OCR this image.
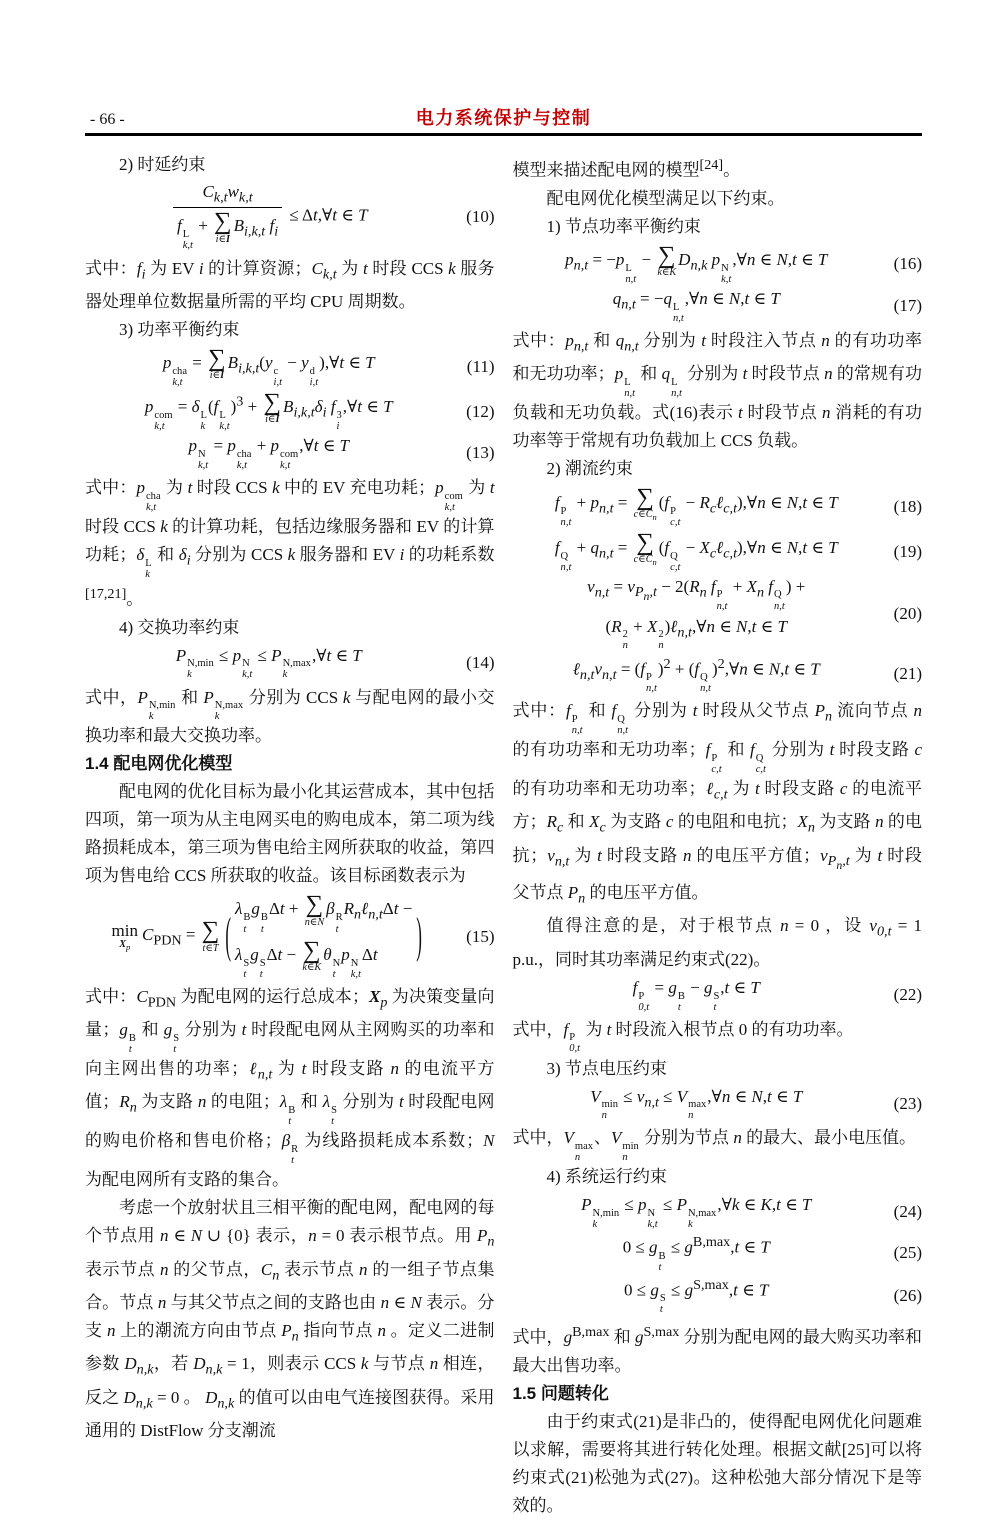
- 66 -	电力系统保护与控制
2) 时延约束
$C_{k,t}w_{k,t}$
f L
k,t
+ ∑
i∈I
$B_{i,k,t}$ $f_i$ ≤ Δt,∀t ∈ T	(10)
式中：$f_i$ 为 EV i 的计算资源；$C_{k,t}$ 为 t 时段 CCS k 服务器处理单位数据量所需的平均 CPU 周期数。
3) 功率平衡约束
p cha
k,t
= ∑
i∈I
$B_{i,k,t}(y$ c
i,t
− y d
i,t
),∀t ∈ T	(11)
p com
k,t
= δ L
k
(f L
k,t
)$^3$ + ∑
i∈I
$B_{i,k,t}\delta_i$ f 3
i
,∀t ∈ T	(12)
p N
k,t
= p cha
k,t
+ p com
k,t
,∀t ∈ T	(13)
式中：p cha
k,t
为 t 时段 CCS k 中的 EV 充电功耗；p com
k,t
为 t 时段 CCS k 的计算功耗，包括边缘服务器和 EV 的计算功耗；δ L
k
和 $\delta_i$ 分别为 CCS k 服务器和 EV i 的功耗系数[17,21]。
4) 交换功率约束
P N,min
k
≤ p N
k,t
≤ P N,max
k
,∀t ∈ T	(14)
式中，P N,min
k
和 P N,max
k
分别为 CCS k 与配电网的最小交换功率和最大交换功率。
1.4 配电网优化模型
配电网的优化目标为最小化其运营成本，其中包括四项，第一项为从主电网买电的购电成本，第二项为线路损耗成本，第三项为售电给主网所获取的收益，第四项为售电给 CCS 所获取的收益。该目标函数表示为
min
$X_p$
$C_{PDN}$ = ∑
t∈T ( λ B
t
g B
t
Δt + ∑
n∈N
β R
t
$R_n\ell_{n,t}\Delta t$ −
λ S
t
g S
t
Δt − ∑
k∈K
θ N
t
p N
k,t
Δt )	(15)
式中：$C_{PDN}$ 为配电网的运行总成本；$X_p$ 为决策变量向量；g B
t
和 g S
t
分别为 t 时段配电网从主网购买的功率和向主网出售的功率；ℓ$_{n,t}$ 为 t 时段支路 n 的电流平方值；$R_n$ 为支路 n 的电阻；λ B
t
和 λ S
t
分别为 t 时段配电网的购电价格和售电价格；β R
t
为线路损耗成本系数；N 为配电网所有支路的集合。
考虑一个放射状且三相平衡的配电网，配电网的每个节点用 n ∈ N ∪ {0} 表示，n = 0 表示根节点。用 $P_n$ 表示节点 n 的父节点，$C_n$ 表示节点 n 的一组子节点集合。节点 n 与其父节点之间的支路也由 n ∈ N 表示。分支 n 上的潮流方向由节点 $P_n$ 指向节点 n 。定义二进制参数 $D_{n,k}$，若 $D_{n,k} = 1$，则表示 CCS k 与节点 n 相连，反之 $D_{n,k} = 0$ 。 $D_{n,k}$ 的值可以由电气连接图获得。采用通用的 DistFlow 分支潮流
模型来描述配电网的模型[24]。
配电网优化模型满足以下约束。
1) 节点功率平衡约束
$p_{n,t} = -p$ L
n,t
− ∑
k∈K
$D_{n,k}$ p N
k,t
,∀n ∈ N,t ∈ T	(16)
$q_{n,t} = -q$ L
n,t
,∀n ∈ N,t ∈ T	(17)
式中：$p_{n,t}$ 和 $q_{n,t}$ 分别为 t 时段注入节点 n 的有功功率和无功功率；p L
n,t
和 q L
n,t
分别为 t 时段节点 n 的常规有功负载和无功负载。式(16)表示 t 时段节点 n 消耗的有功功率等于常规有功负载加上 CCS 负载。
2) 潮流约束
f P
n,t
+ $p_{n,t}$ = ∑
$c\in C_n$
(f P
c,t
− $R_c\ell_{c,t}),\forall n$ ∈ N,t ∈ T	(18)
f Q
n,t
+ $q_{n,t}$ = ∑
$c\in C_n$
(f Q
c,t
− $X_c\ell_{c,t}),\forall n$ ∈ N,t ∈ T	(19)
$v_{n,t} = v_{P_n,t} - 2(R_n$ f P
n,t
+ $X_n$ f Q
n,t
) +
(R 2
n
+ X 2
n
)ℓ$_{n,t}$,∀n ∈ N,t ∈ T
(20)
$\ell_{n,t}v_{n,t} = (f$ P
n,t
)$^2$ + (f Q
n,t
)$^2$,∀n ∈ N,t ∈ T	(21)
式中：f P
n,t
和 f Q
n,t
分别为 t 时段从父节点 $P_n$ 流向节点 n 的有功功率和无功功率；f P
c,t
和 f Q
c,t
分别为 t 时段支路 c 的有功功率和无功功率；ℓ$_{c,t}$ 为 t 时段支路 c 的电流平方；$R_c$ 和 $X_c$ 为支路 c 的电阻和电抗；$X_n$ 为支路 n 的电抗；$v_{n,t}$ 为 t 时段支路 n 的电压平方值；$v_{P_n,t}$ 为 t 时段父节点 $P_n$ 的电压平方值。
值得注意的是，对于根节点 n = 0 ，设 $v_{0,t} = 1$ p.u.，同时其功率满足约束式(22)。
f P
0,t
= g B
t
− g S
t
,t ∈ T	(22)
式中，f P
0,t
为 t 时段流入根节点 0 的有功功率。
3) 节点电压约束
V min
n
≤ $v_{n,t} \le V$ max
n
,∀n ∈ N,t ∈ T	(23)
式中，V max
n
、V min
n
分别为节点 n 的最大、最小电压值。
4) 系统运行约束
P N,min
k
≤ p N
k,t
≤ P N,max
k
,∀k ∈ K,t ∈ T	(24)
0 ≤ g B
t
≤ $g^{B,max},t$ ∈ T	(25)
0 ≤ g S
t
≤ $g^{S,max},t$ ∈ T	(26)
式中，$g^{B,max}$ 和 $g^{S,max}$ 分别为配电网的最大购买功率和最大出售功率。
1.5 问题转化
由于约束式(21)是非凸的，使得配电网优化问题难以求解，需要将其进行转化处理。根据文献[25]可以将约束式(21)松弛为式(27)。这种松弛大部分情况下是等效的。
